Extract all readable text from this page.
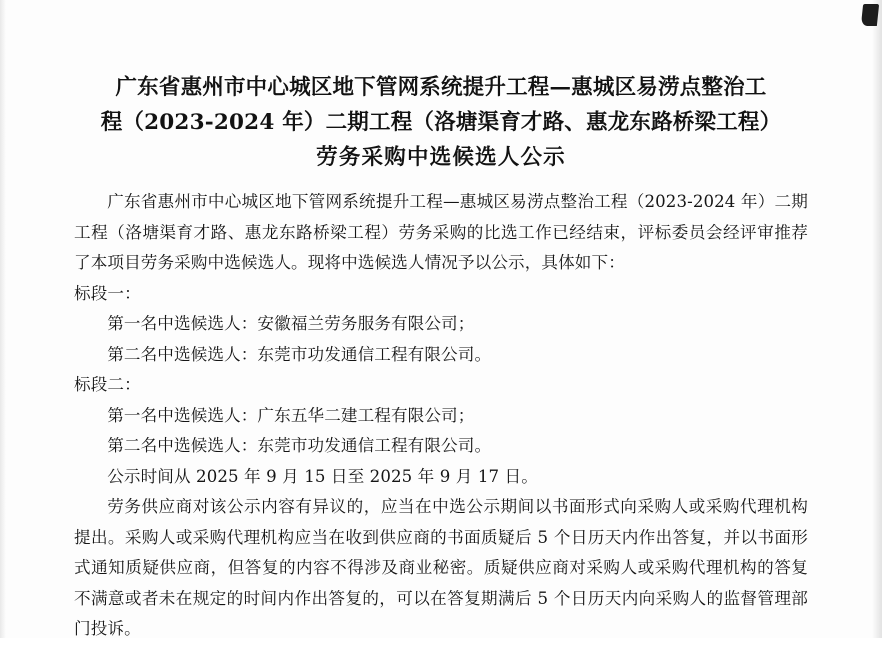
广东省惠州市中心城区地下管网系统提升工程—惠城区易涝点整治工
程（2023-2024 年）二期工程（洛塘渠育才路、惠龙东路桥梁工程）
劳务采购中选候选人公示

广东省惠州市中心城区地下管网系统提升工程—惠城区易涝点整治工程（2023-2024 年）二期工程（洛塘渠育才路、惠龙东路桥梁工程）劳务采购的比选工作已经结束，评标委员会经评审推荐了本项目劳务采购中选候选人。现将中选候选人情况予以公示，具体如下：

标段一：

第一名中选候选人：安徽福兰劳务服务有限公司；

第二名中选候选人：东莞市功发通信工程有限公司。

标段二：

第一名中选候选人：广东五华二建工程有限公司；

第二名中选候选人：东莞市功发通信工程有限公司。

公示时间从 2025 年 9 月 15 日至 2025 年 9 月 17 日。

劳务供应商对该公示内容有异议的，应当在中选公示期间以书面形式向采购人或采购代理机构提出。采购人或采购代理机构应当在收到供应商的书面质疑后 5 个日历天内作出答复，并以书面形式通知质疑供应商，但答复的内容不得涉及商业秘密。质疑供应商对采购人或采购代理机构的答复不满意或者未在规定的时间内作出答复的，可以在答复期满后 5 个日历天内向采购人的监督管理部门投诉。
